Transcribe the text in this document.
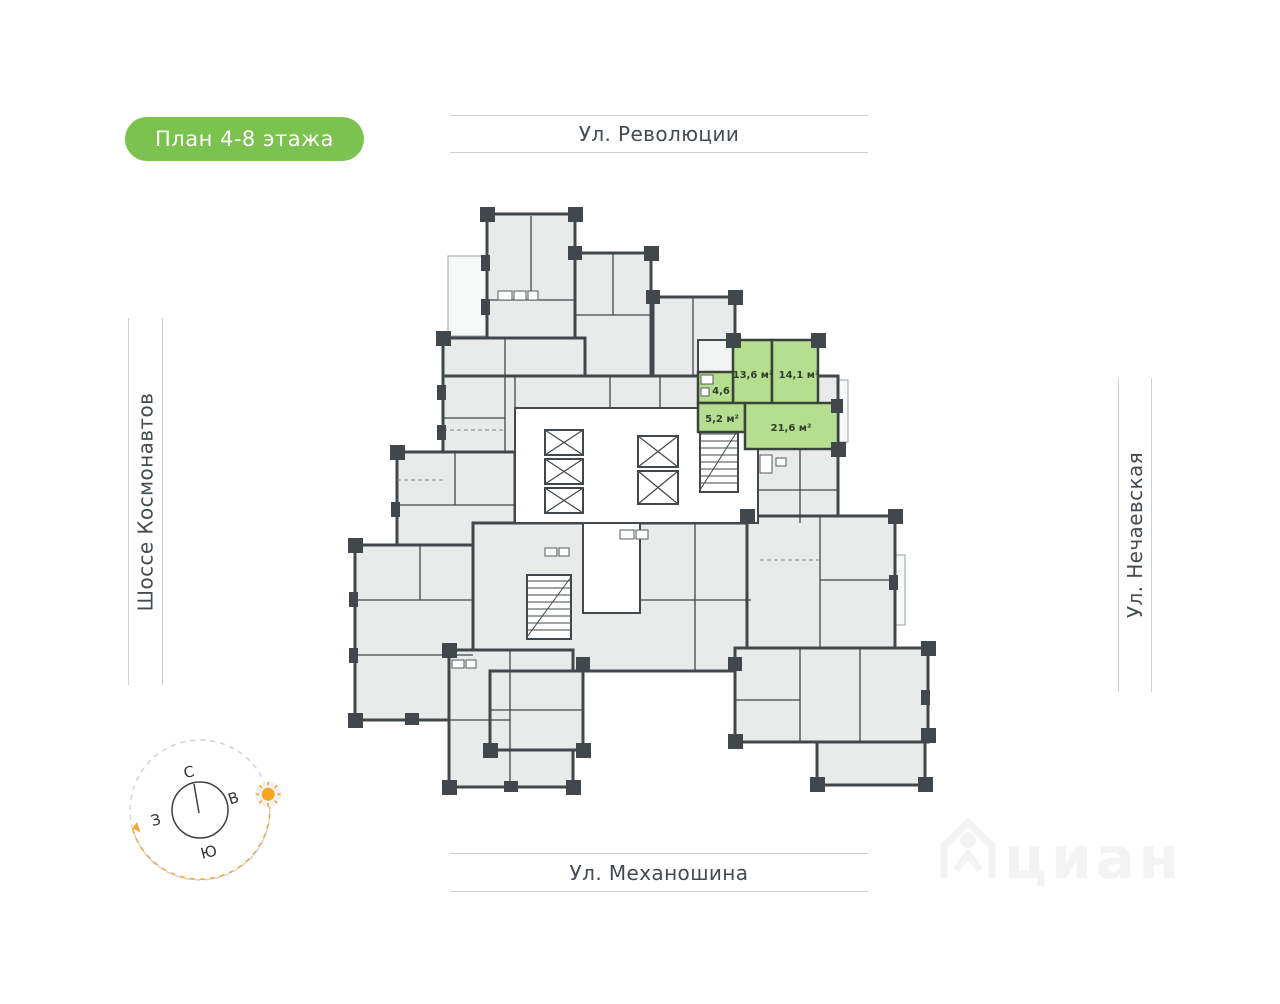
План 4-8 этажа	Ул. Революции
Ул. Механошина
Шоссе Космонавтов	Ул. Нечаевская
13,6 м² 14,1 м²
4,6
5,2 м²
21,6 м²
С
В
З
Ю	циан
